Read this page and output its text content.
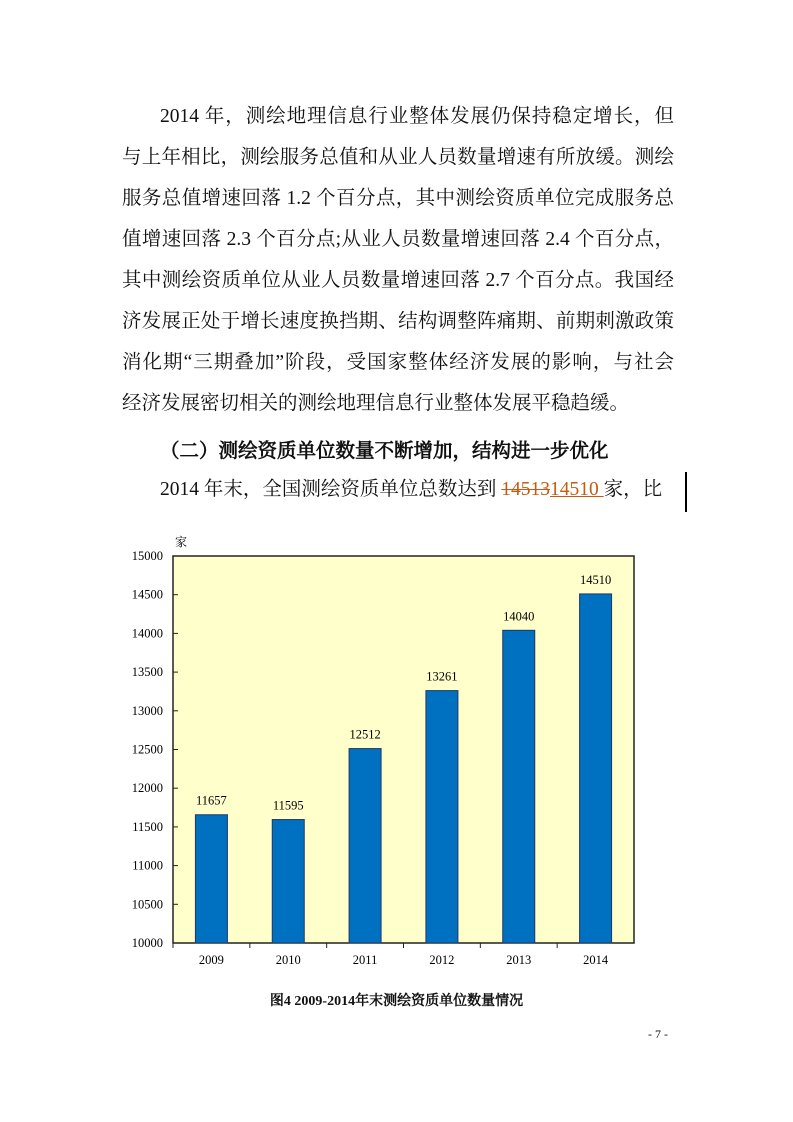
2014 年，测绘地理信息行业整体发展仍保持稳定增长，但
与上年相比，测绘服务总值和从业人员数量增速有所放缓。测绘
服务总值增速回落 1.2 个百分点，其中测绘资质单位完成服务总
值增速回落 2.3 个百分点;从业人员数量增速回落 2.4 个百分点，
其中测绘资质单位从业人员数量增速回落 2.7 个百分点。我国经
济发展正处于增长速度换挡期、结构调整阵痛期、前期刺激政策
消化期“三期叠加”阶段，受国家整体经济发展的影响，与社会
经济发展密切相关的测绘地理信息行业整体发展平稳趋缓。
（二）测绘资质单位数量不断增加，结构进一步优化
2014 年末，全国测绘资质单位总数达到 1451314510 家，比
10000
10500
11000
11500
12000
12500
13000
13500
14000
14500
15000
家
11657
2009
11595
2010
12512
2011
13261
2012
14040
2013
14510
2014
图4 2009-2014年末测绘资质单位数量情况
- 7 -
